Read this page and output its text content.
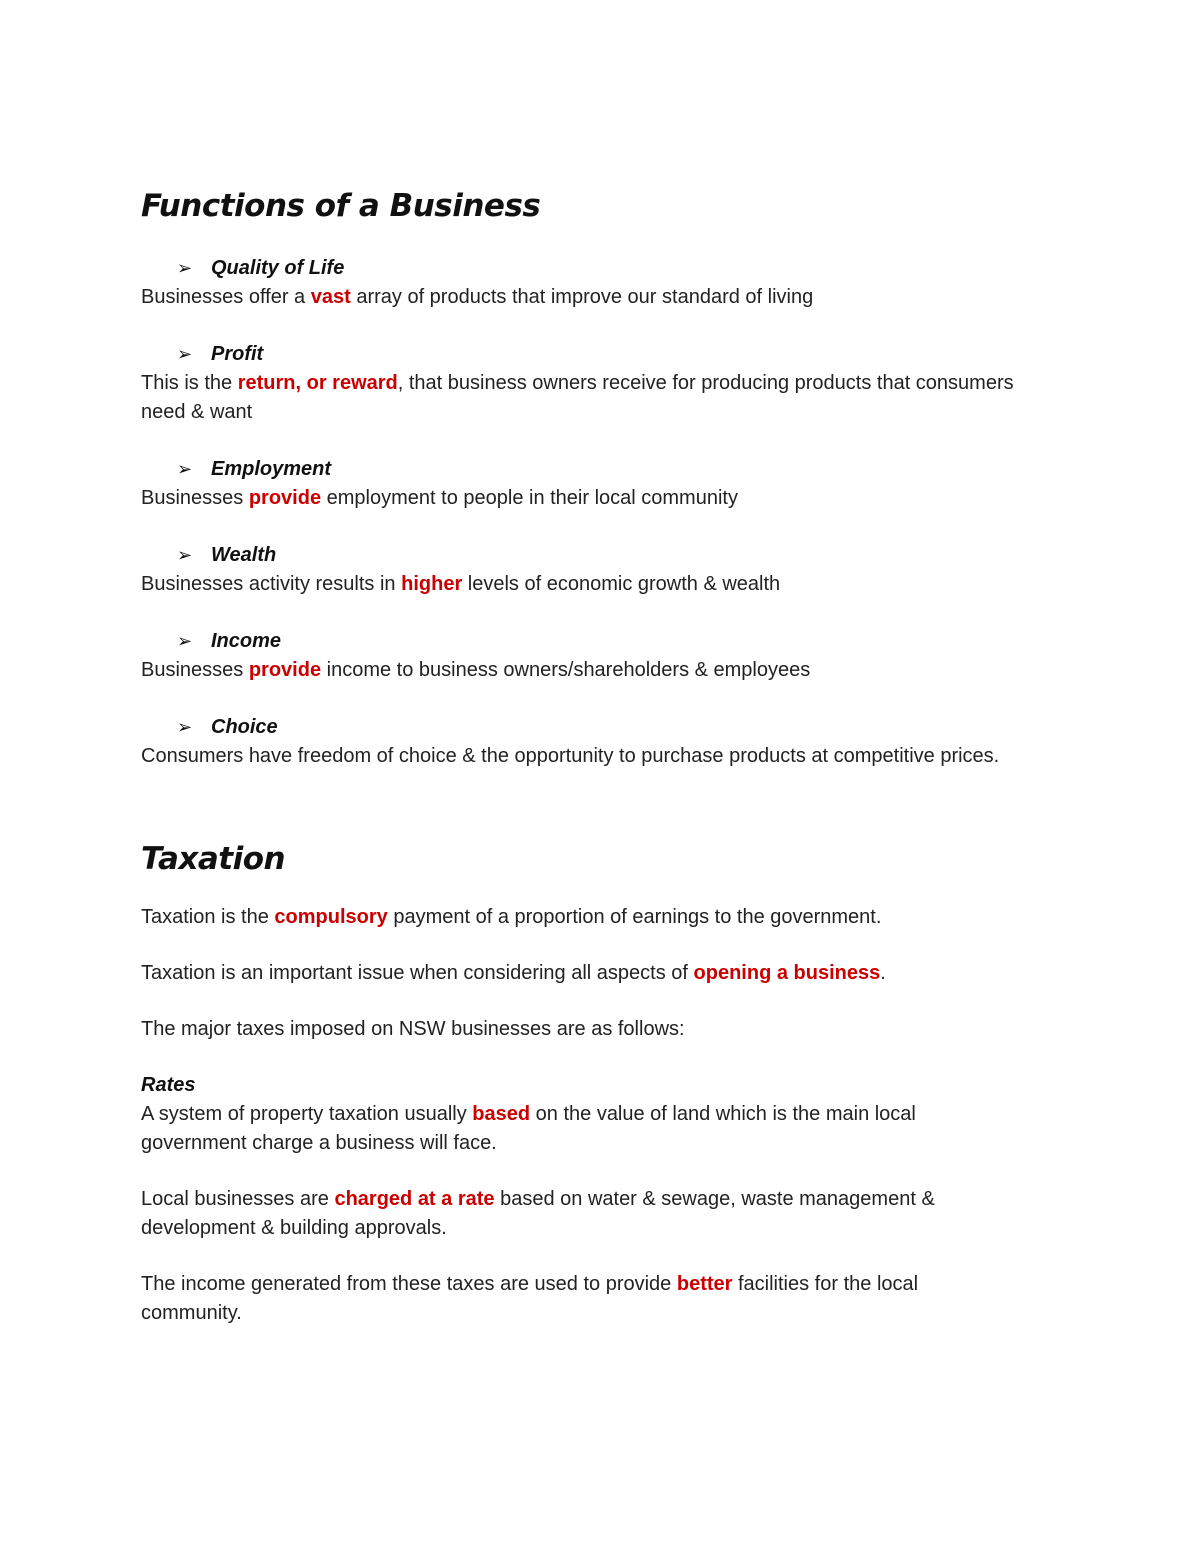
Functions of a Business
➢ Quality of Life

Businesses offer a vast array of products that improve our standard of living

➢ Profit

This is the return, or reward, that business owners receive for producing products that consumers need & want

➢ Employment

Businesses provide employment to people in their local community

➢ Wealth

Businesses activity results in higher levels of economic growth & wealth

➢ Income

Businesses provide income to business owners/shareholders & employees

➢ Choice

Consumers have freedom of choice & the opportunity to purchase products at competitive prices.

Taxation

Taxation is the compulsory payment of a proportion of earnings to the government.

Taxation is an important issue when considering all aspects of opening a business.

The major taxes imposed on NSW businesses are as follows:

Rates

A system of property taxation usually based on the value of land which is the main local government charge a business will face.

Local businesses are charged at a rate based on water & sewage, waste management & development & building approvals.

The income generated from these taxes are used to provide better facilities for the local community.
